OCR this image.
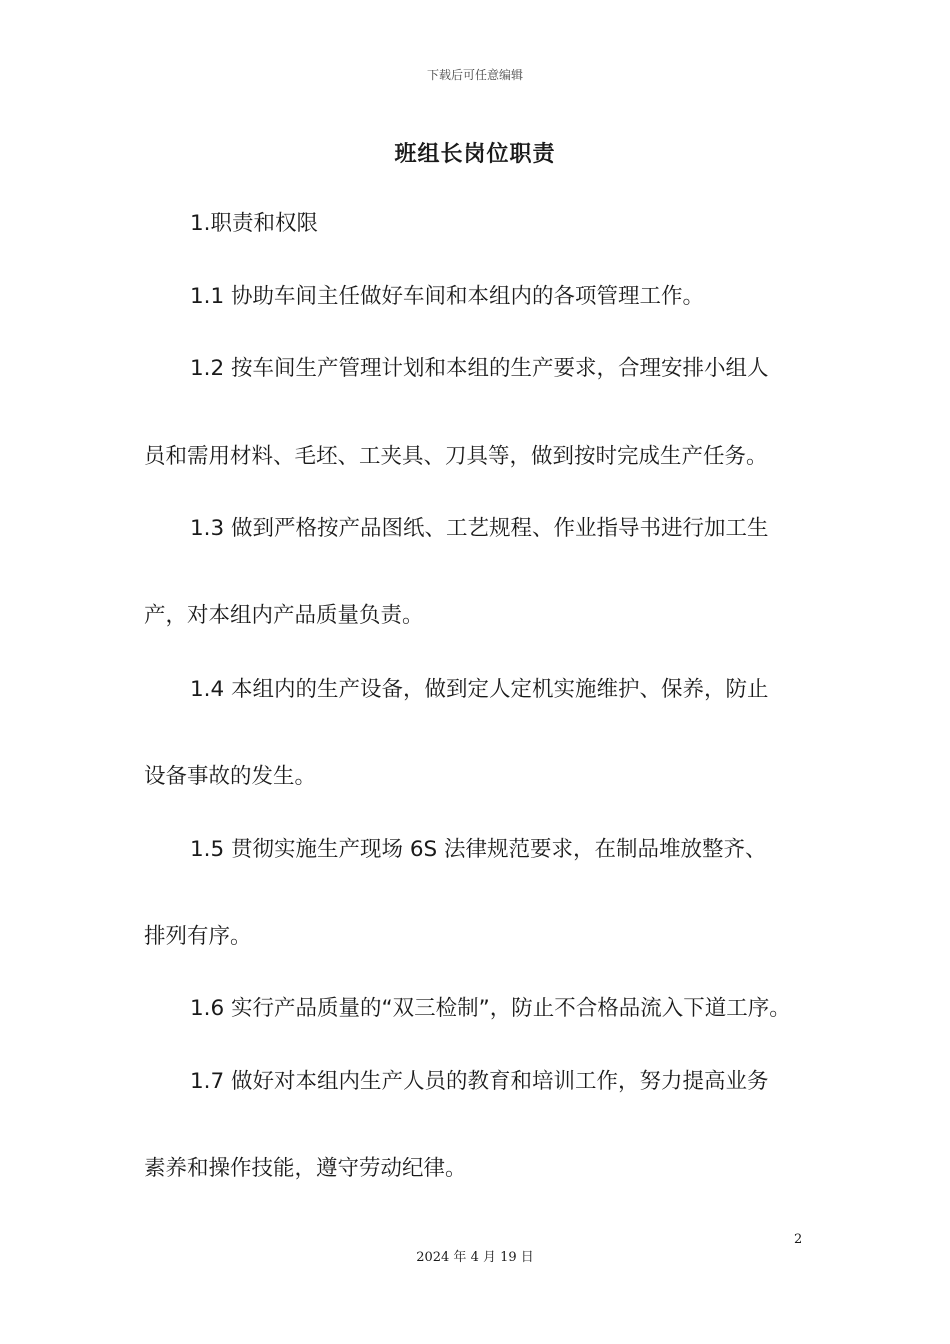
下载后可任意编辑
班组长岗位职责
1.职责和权限
1.1 协助车间主任做好车间和本组内的各项管理工作。
1.2 按车间生产管理计划和本组的生产要求，合理安排小组人
员和需用材料、毛坯、工夹具、刀具等，做到按时完成生产任务。
1.3 做到严格按产品图纸、工艺规程、作业指导书进行加工生
产，对本组内产品质量负责。
1.4 本组内的生产设备，做到定人定机实施维护、保养，防止
设备事故的发生。
1.5 贯彻实施生产现场 6S 法律规范要求，在制品堆放整齐、
排列有序。
1.6 实行产品质量的“双三检制”，防止不合格品流入下道工序。
1.7 做好对本组内生产人员的教育和培训工作，努力提高业务
素养和操作技能，遵守劳动纪律。
2
2024 年 4 月 19 日
